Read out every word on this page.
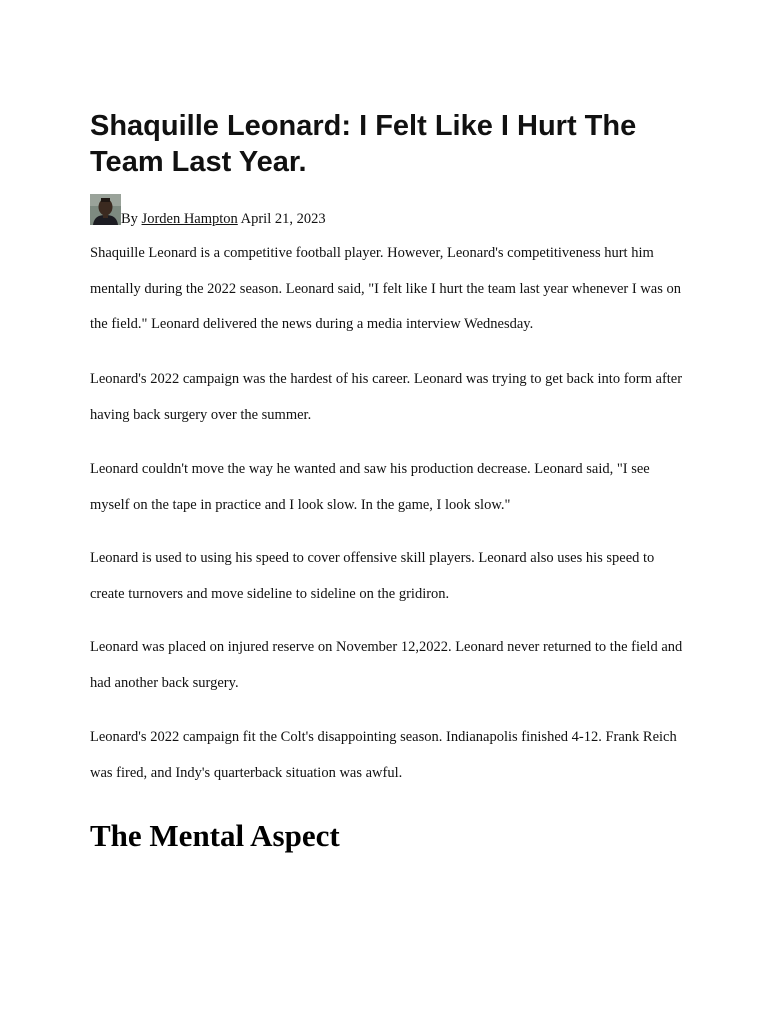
Shaquille Leonard: I Felt Like I Hurt The Team Last Year.
By Jorden Hampton April 21, 2023

Shaquille Leonard is a competitive football player. However, Leonard's competitiveness hurt him mentally during the 2022 season. Leonard said, "I felt like I hurt the team last year whenever I was on the field." Leonard delivered the news during a media interview Wednesday.

Leonard's 2022 campaign was the hardest of his career. Leonard was trying to get back into form after having back surgery over the summer.

Leonard couldn't move the way he wanted and saw his production decrease. Leonard said, "I see myself on the tape in practice and I look slow. In the game, I look slow."

Leonard is used to using his speed to cover offensive skill players. Leonard also uses his speed to create turnovers and move sideline to sideline on the gridiron.

Leonard was placed on injured reserve on November 12,2022. Leonard never returned to the field and had another back surgery.

Leonard's 2022 campaign fit the Colt's disappointing season. Indianapolis finished 4-12. Frank Reich was fired, and Indy's quarterback situation was awful.

The Mental Aspect
